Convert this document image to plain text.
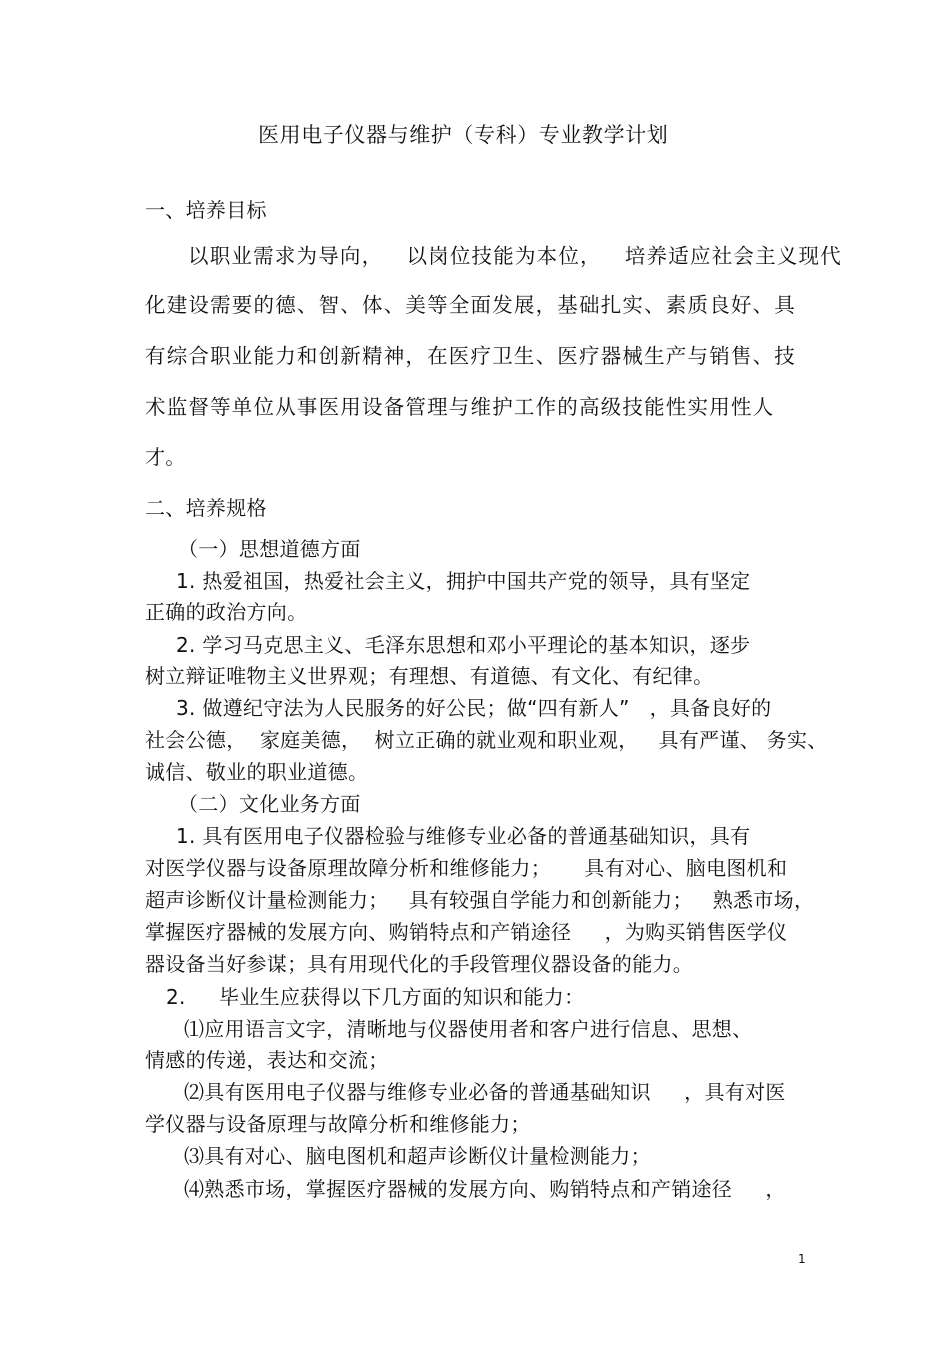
医用电子仪器与维护（专科）专业教学计划
一、培养目标
以职业需求为导向，   以岗位技能为本位，   培养适应社会主义现代
化建设需要的德、智、体、美等全面发展，基础扎实、素质良好、具
有综合职业能力和创新精神，在医疗卫生、医疗器械生产与销售、技
术监督等单位从事医用设备管理与维护工作的高级技能性实用性人
才。
二、培养规格
（一）思想道德方面
1. 热爱祖国，热爱社会主义，拥护中国共产党的领导，具有坚定
正确的政治方向。
2. 学习马克思主义、毛泽东思想和邓小平理论的基本知识，逐步
树立辩证唯物主义世界观；有理想、有道德、有文化、有纪律。
3. 做遵纪守法为人民服务的好公民；做“四有新人”   ，具备良好的
社会公德，  家庭美德，  树立正确的就业观和职业观，   具有严谨、 务实、
诚信、敬业的职业道德。
（二）文化业务方面
1. 具有医用电子仪器检验与维修专业必备的普通基础知识，具有
对医学仪器与设备原理故障分析和维修能力；     具有对心、脑电图机和
超声诊断仪计量检测能力；   具有较强自学能力和创新能力；   熟悉市场，
掌握医疗器械的发展方向、购销特点和产销途径     ，为购买销售医学仪
器设备当好参谋；具有用现代化的手段管理仪器设备的能力。
2.     毕业生应获得以下几方面的知识和能力：
⑴应用语言文字，清晰地与仪器使用者和客户进行信息、思想、
情感的传递，表达和交流；
⑵具有医用电子仪器与维修专业必备的普通基础知识     ，具有对医
学仪器与设备原理与故障分析和维修能力；
⑶具有对心、脑电图机和超声诊断仪计量检测能力；
⑷熟悉市场，掌握医疗器械的发展方向、购销特点和产销途径     ，
1
